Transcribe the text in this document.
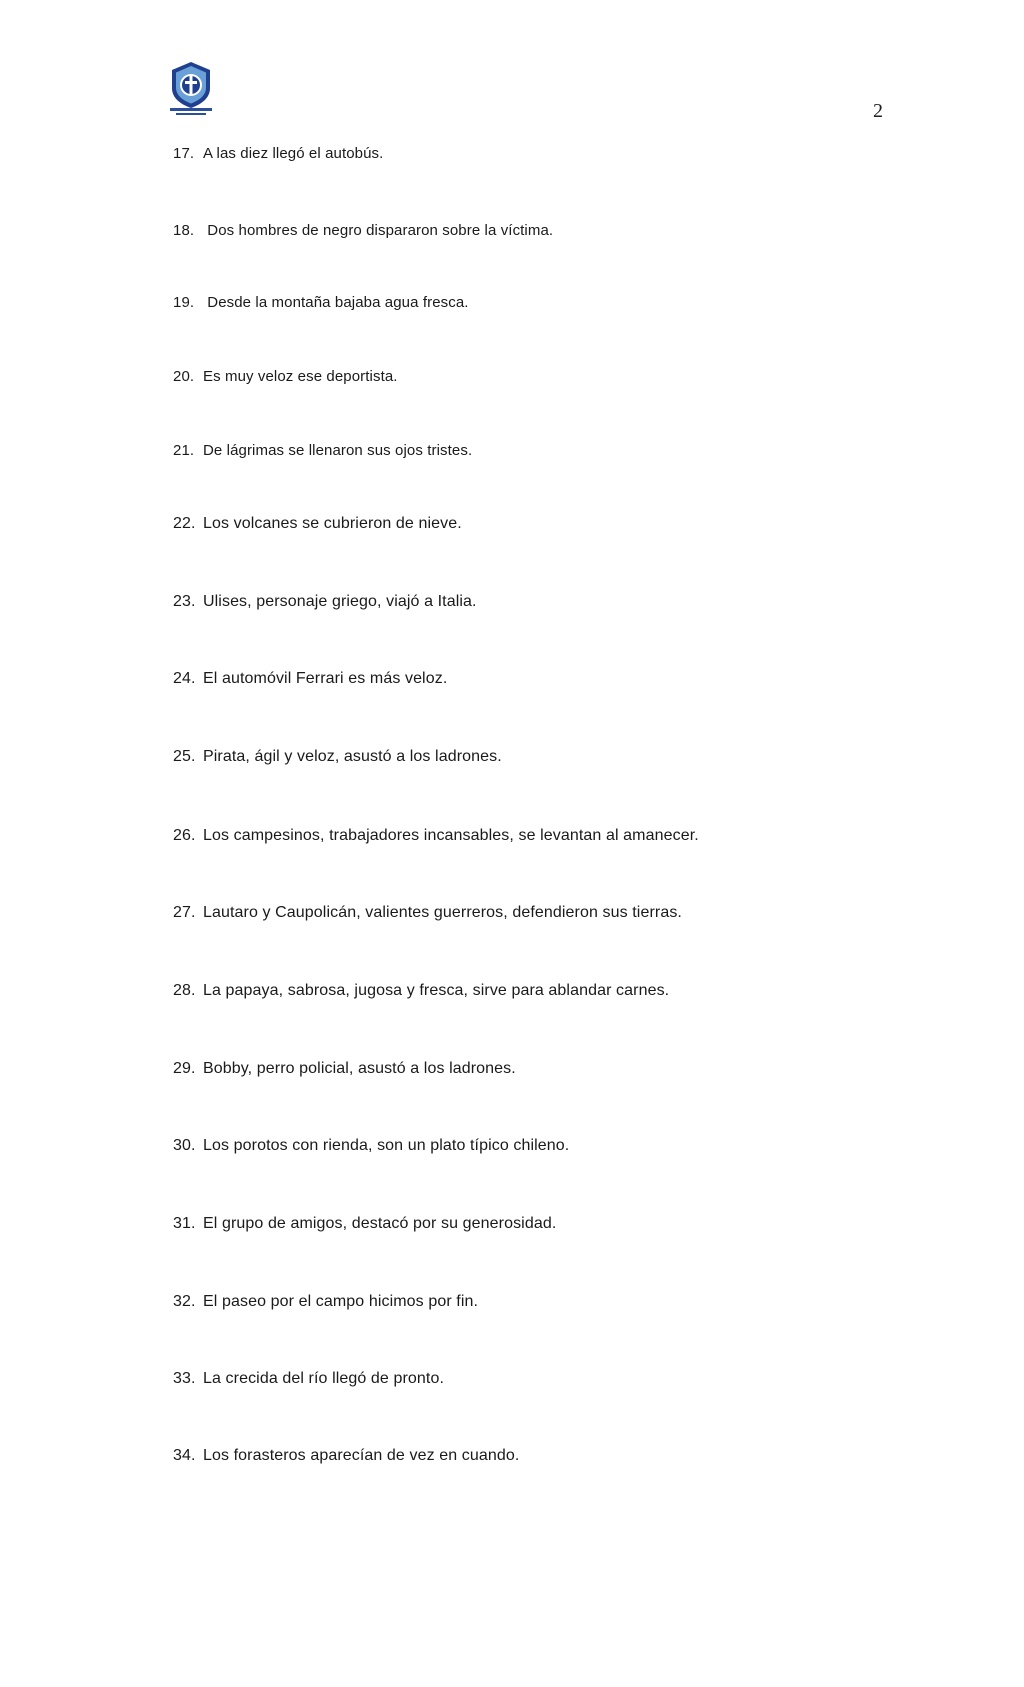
2
17. A las diez llegó el autobús.
18. Dos hombres de negro dispararon sobre la víctima.
19. Desde la montaña bajaba agua fresca.
20. Es muy veloz ese deportista.
21. De lágrimas se llenaron sus ojos tristes.
22. Los volcanes se cubrieron de nieve.
23. Ulises, personaje griego, viajó a Italia.
24. El automóvil Ferrari es más veloz.
25. Pirata, ágil y veloz, asustó a los ladrones.
26. Los campesinos, trabajadores incansables, se levantan al amanecer.
27. Lautaro y Caupolicán, valientes guerreros, defendieron sus tierras.
28. La papaya, sabrosa, jugosa y fresca, sirve para ablandar carnes.
29. Bobby, perro policial, asustó a los ladrones.
30. Los porotos con rienda, son un plato típico chileno.
31. El grupo de amigos, destacó por su generosidad.
32. El paseo por el campo hicimos por fin.
33. La crecida del río llegó de pronto.
34. Los forasteros aparecían de vez en cuando.
